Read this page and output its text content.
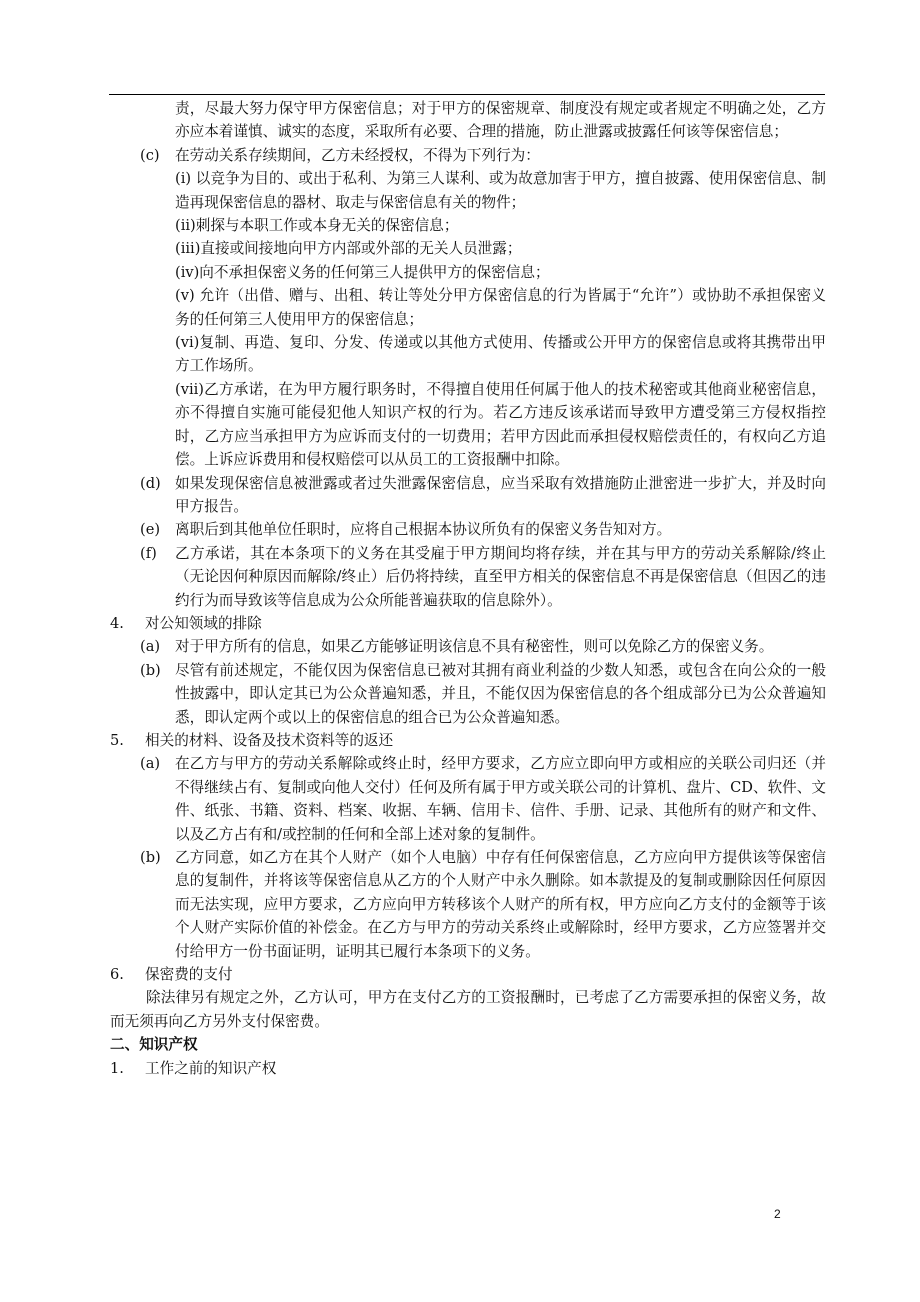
责，尽最大努力保守甲方保密信息；对于甲方的保密规章、制度没有规定或者规定不明确之处，乙方亦应本着谨慎、诚实的态度，采取所有必要、合理的措施，防止泄露或披露任何该等保密信息；
(c) 在劳动关系存续期间，乙方未经授权，不得为下列行为：
(i) 以竞争为目的、或出于私利、为第三人谋利、或为故意加害于甲方，擅自披露、使用保密信息、制造再现保密信息的器材、取走与保密信息有关的物件；
(ii)刺探与本职工作或本身无关的保密信息；
(iii)直接或间接地向甲方内部或外部的无关人员泄露；
(iv)向不承担保密义务的任何第三人提供甲方的保密信息；
(v) 允许（出借、赠与、出租、转让等处分甲方保密信息的行为皆属于“允许”）或协助不承担保密义务的任何第三人使用甲方的保密信息；
(vi)复制、再造、复印、分发、传递或以其他方式使用、传播或公开甲方的保密信息或将其携带出甲方工作场所。
(vii)乙方承诺，在为甲方履行职务时，不得擅自使用任何属于他人的技术秘密或其他商业秘密信息，亦不得擅自实施可能侵犯他人知识产权的行为。若乙方违反该承诺而导致甲方遭受第三方侵权指控时，乙方应当承担甲方为应诉而支付的一切费用；若甲方因此而承担侵权赔偿责任的，有权向乙方追偿。上诉应诉费用和侵权赔偿可以从员工的工资报酬中扣除。
(d) 如果发现保密信息被泄露或者过失泄露保密信息，应当采取有效措施防止泄密进一步扩大，并及时向甲方报告。
(e) 离职后到其他单位任职时，应将自己根据本协议所负有的保密义务告知对方。
(f) 乙方承诺，其在本条项下的义务在其受雇于甲方期间均将存续，并在其与甲方的劳动关系解除/终止（无论因何种原因而解除/终止）后仍将持续，直至甲方相关的保密信息不再是保密信息（但因乙的违约行为而导致该等信息成为公众所能普遍获取的信息除外）。
4. 对公知领域的排除
(a) 对于甲方所有的信息，如果乙方能够证明该信息不具有秘密性，则可以免除乙方的保密义务。
(b) 尽管有前述规定，不能仅因为保密信息已被对其拥有商业利益的少数人知悉，或包含在向公众的一般性披露中，即认定其已为公众普遍知悉，并且，不能仅因为保密信息的各个组成部分已为公众普遍知悉，即认定两个或以上的保密信息的组合已为公众普遍知悉。
5. 相关的材料、设备及技术资料等的返还
(a) 在乙方与甲方的劳动关系解除或终止时，经甲方要求，乙方应立即向甲方或相应的关联公司归还（并不得继续占有、复制或向他人交付）任何及所有属于甲方或关联公司的计算机、盘片、CD、软件、文件、纸张、书籍、资料、档案、收据、车辆、信用卡、信件、手册、记录、其他所有的财产和文件、以及乙方占有和/或控制的任何和全部上述对象的复制件。
(b) 乙方同意，如乙方在其个人财产（如个人电脑）中存有任何保密信息，乙方应向甲方提供该等保密信息的复制件，并将该等保密信息从乙方的个人财产中永久删除。如本款提及的复制或删除因任何原因而无法实现，应甲方要求，乙方应向甲方转移该个人财产的所有权，甲方应向乙方支付的金额等于该个人财产实际价值的补偿金。在乙方与甲方的劳动关系终止或解除时，经甲方要求，乙方应签署并交付给甲方一份书面证明，证明其已履行本条项下的义务。
6. 保密费的支付
除法律另有规定之外，乙方认可，甲方在支付乙方的工资报酬时，已考虑了乙方需要承担的保密义务，故而无须再向乙方另外支付保密费。
二、知识产权
1. 工作之前的知识产权
2
